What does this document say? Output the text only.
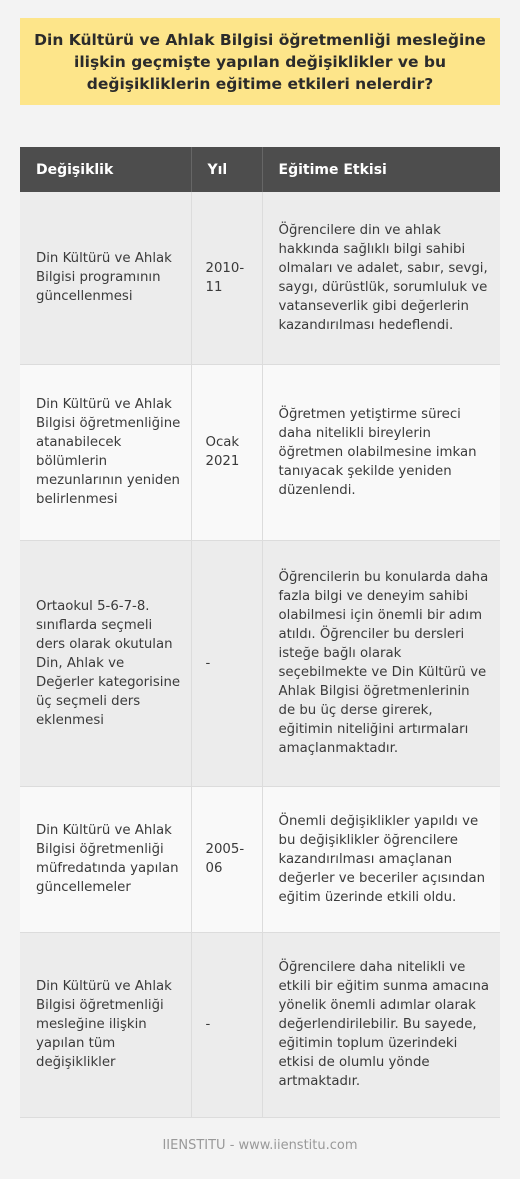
Din Kültürü ve Ahlak Bilgisi öğretmenliği mesleğine ilişkin geçmişte yapılan değişiklikler ve bu değişikliklerin eğitime etkileri nelerdir?
Değişiklik	Yıl	Eğitime Etkisi
Din Kültürü ve Ahlak Bilgisi programının güncellenmesi	2010-11	Öğrencilere din ve ahlak hakkında sağlıklı bilgi sahibi olmaları ve adalet, sabır, sevgi, saygı, dürüstlük, sorumluluk ve vatanseverlik gibi değerlerin kazandırılması hedeflendi.
Din Kültürü ve Ahlak Bilgisi öğretmenliğine atanabilecek bölümlerin mezunlarının yeniden belirlenmesi	Ocak 2021	Öğretmen yetiştirme süreci daha nitelikli bireylerin öğretmen olabilmesine imkan tanıyacak şekilde yeniden düzenlendi.
Ortaokul 5-6-7-8. sınıflarda seçmeli ders olarak okutulan Din, Ahlak ve Değerler kategorisine üç seçmeli ders eklenmesi	-	Öğrencilerin bu konularda daha fazla bilgi ve deneyim sahibi olabilmesi için önemli bir adım atıldı. Öğrenciler bu dersleri isteğe bağlı olarak seçebilmekte ve Din Kültürü ve Ahlak Bilgisi öğretmenlerinin de bu üç derse girerek, eğitimin niteliğini artırmaları amaçlanmaktadır.
Din Kültürü ve Ahlak Bilgisi öğretmenliği müfredatında yapılan güncellemeler	2005-06	Önemli değişiklikler yapıldı ve bu değişiklikler öğrencilere kazandırılması amaçlanan değerler ve beceriler açısından eğitim üzerinde etkili oldu.
Din Kültürü ve Ahlak Bilgisi öğretmenliği mesleğine ilişkin yapılan tüm değişiklikler	-	Öğrencilere daha nitelikli ve etkili bir eğitim sunma amacına yönelik önemli adımlar olarak değerlendirilebilir. Bu sayede, eğitimin toplum üzerindeki etkisi de olumlu yönde artmaktadır.
IIENSTITU - www.iienstitu.com
